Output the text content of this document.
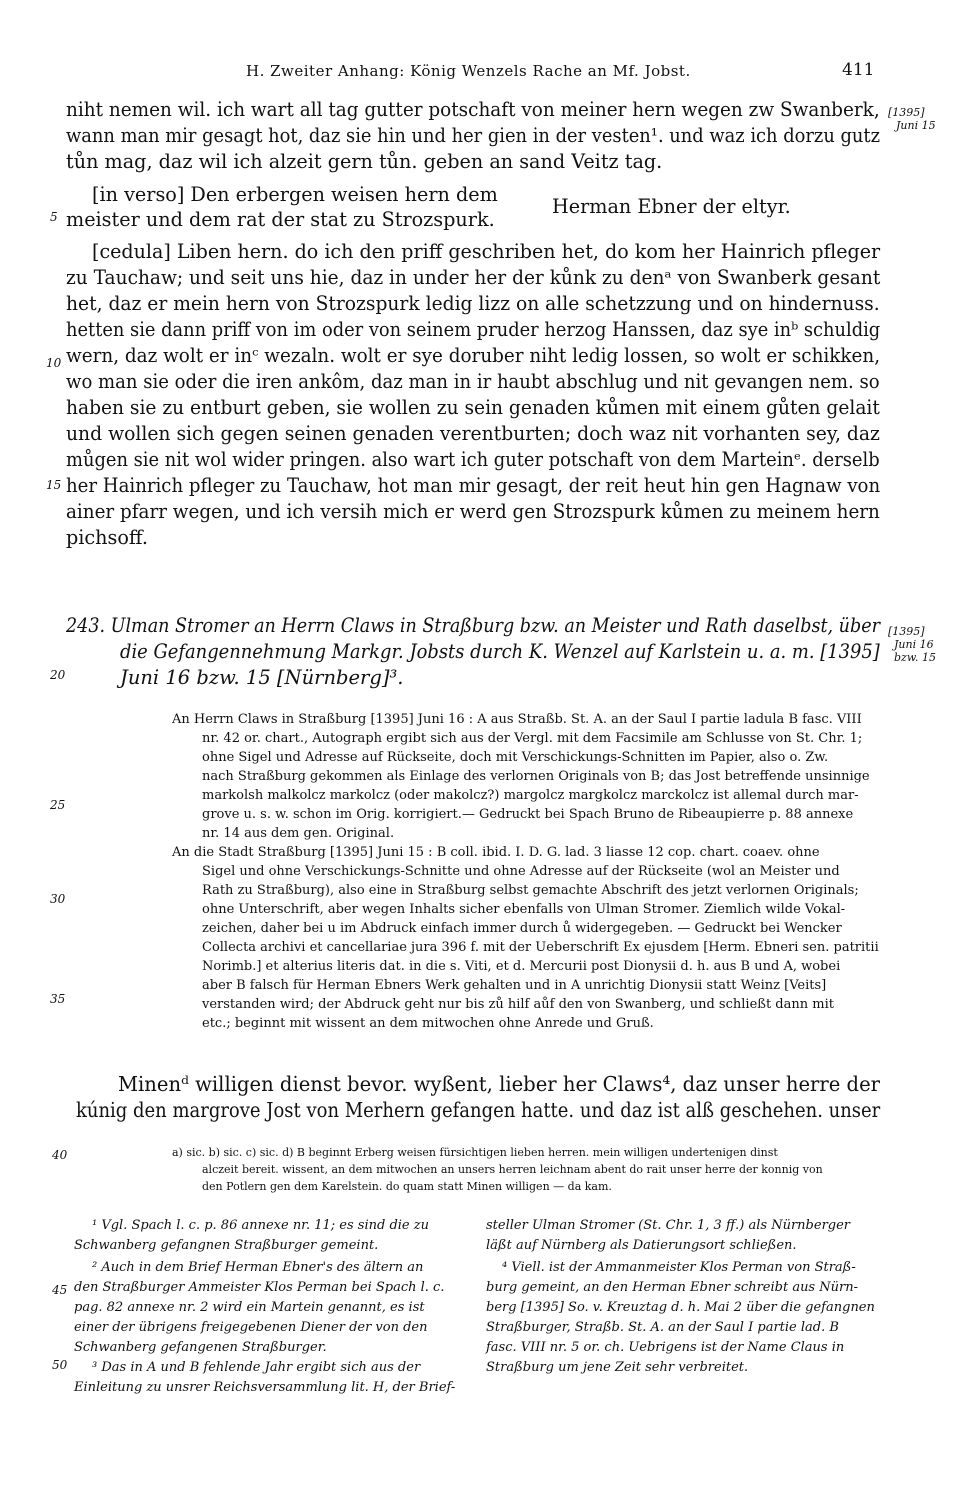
H. Zweiter Anhang: König Wenzels Rache an Mf. Jobst.	411
[1395]
Juni 15
[1395]
Juni 16
bzw. 15
5
10
15
20
25
30
35
40
45
50
niht nemen wil. ich wart all tag gutter potschaft von meiner hern wegen zw Swanberk,
wann man mir gesagt hot, daz sie hin und her gien in der vesten¹. und waz ich dorzu gutz
tůn mag, daz wil ich alzeit gern tůn. geben an sand Veitz tag.
[in verso] Den erbergen weisen hern dem
meister und dem rat der stat zu Strozspurk.
Herman Ebner der eltyr.
[cedula] Liben hern. do ich den priff geschriben het, do kom her Hainrich pfleger
zu Tauchaw; und seit uns hie, daz in under her der kůnk zu denᵃ von Swanberk gesant
het, daz er mein hern von Strozspurk ledig lizz on alle schetzzung und on hindernuss.
hetten sie dann priff von im oder von seinem pruder herzog Hanssen, daz sye inᵇ schuldig
wern, daz wolt er inᶜ wezaln. wolt er sye doruber niht ledig lossen, so wolt er schikken,
wo man sie oder die iren ankôm, daz man in ir haubt abschlug und nit gevangen nem. so
haben sie zu entburt geben, sie wollen zu sein genaden kůmen mit einem gůten gelait
und wollen sich gegen seinen genaden verentburten; doch waz nit vorhanten sey, daz
můgen sie nit wol wider pringen. also wart ich guter potschaft von dem Marteinᵉ. derselb
her Hainrich pfleger zu Tauchaw, hot man mir gesagt, der reit heut hin gen Hagnaw von
ainer pfarr wegen, und ich versih mich er werd gen Strozspurk kůmen zu meinem hern
pichsoff.
243. Ulman Stromer an Herrn Claws in Straßburg bzw. an Meister und Rath daselbst, über
die Gefangennehmung Markgr. Jobsts durch K. Wenzel auf Karlstein u. a. m. [1395]
Juni 16 bzw. 15 [Nürnberg]³.
An Herrn Claws in Straßburg [1395] Juni 16 : A aus Straßb. St. A. an der Saul I partie ladula B fasc. VIII
nr. 42 or. chart., Autograph ergibt sich aus der Vergl. mit dem Facsimile am Schlusse von St. Chr. 1;
ohne Sigel und Adresse auf Rückseite, doch mit Verschickungs-Schnitten im Papier, also o. Zw.
nach Straßburg gekommen als Einlage des verlornen Originals von B; das Jost betreffende unsinnige
markolsh malkolcz markolcz (oder makolcz?) margolcz margkolcz marckolcz ist allemal durch mar-
grove u. s. w. schon im Orig. korrigiert.— Gedruckt bei Spach Bruno de Ribeaupierre p. 88 annexe
nr. 14 aus dem gen. Original.
An die Stadt Straßburg [1395] Juni 15 : B coll. ibid. I. D. G. lad. 3 liasse 12 cop. chart. coaev. ohne
Sigel und ohne Verschickungs-Schnitte und ohne Adresse auf der Rückseite (wol an Meister und
Rath zu Straßburg), also eine in Straßburg selbst gemachte Abschrift des jetzt verlornen Originals;
ohne Unterschrift, aber wegen Inhalts sicher ebenfalls von Ulman Stromer. Ziemlich wilde Vokal-
zeichen, daher bei u im Abdruck einfach immer durch ů widergegeben. — Gedruckt bei Wencker
Collecta archivi et cancellariae jura 396 f. mit der Ueberschrift Ex ejusdem [Herm. Ebneri sen. patritii
Norimb.] et alterius literis dat. in die s. Viti, et d. Mercurii post Dionysii d. h. aus B und A, wobei
aber B falsch für Herman Ebners Werk gehalten und in A unrichtig Dionysii statt Weinz [Veits]
verstanden wird; der Abdruck geht nur bis zů hilf aůf den von Swanberg, und schließt dann mit
etc.; beginnt mit wissent an dem mitwochen ohne Anrede und Gruß.
Minenᵈ willigen dienst bevor. wyßent, lieber her Claws⁴, daz unser herre der
kúnig den margrove Jost von Merhern gefangen hatte. und daz ist alß geschehen. unser
a) sic. b) sic. c) sic. d) B beginnt Erberg weisen fürsichtigen lieben herren. mein willigen undertenigen dinst
alczeit bereit. wissent, an dem mitwochen an unsers herren leichnam abent do rait unser herre der konnig von
den Potlern gen dem Karelstein. do quam statt Minen willigen — da kam.
¹ Vgl. Spach l. c. p. 86 annexe nr. 11; es sind die zu
Schwanberg gefangnen Straßburger gemeint.
² Auch in dem Brief Herman Ebner's des ältern an
den Straßburger Ammeister Klos Perman bei Spach l. c.
pag. 82 annexe nr. 2 wird ein Martein genannt, es ist
einer der übrigens freigegebenen Diener der von den
Schwanberg gefangenen Straßburger.
³ Das in A und B fehlende Jahr ergibt sich aus der
Einleitung zu unsrer Reichsversammlung lit. H, der Brief-
steller Ulman Stromer (St. Chr. 1, 3 ff.) als Nürnberger
läßt auf Nürnberg als Datierungsort schließen.
⁴ Viell. ist der Ammanmeister Klos Perman von Straß-
burg gemeint, an den Herman Ebner schreibt aus Nürn-
berg [1395] So. v. Kreuztag d. h. Mai 2 über die gefangnen
Straßburger, Straßb. St. A. an der Saul I partie lad. B
fasc. VIII nr. 5 or. ch. Uebrigens ist der Name Claus in
Straßburg um jene Zeit sehr verbreitet.
